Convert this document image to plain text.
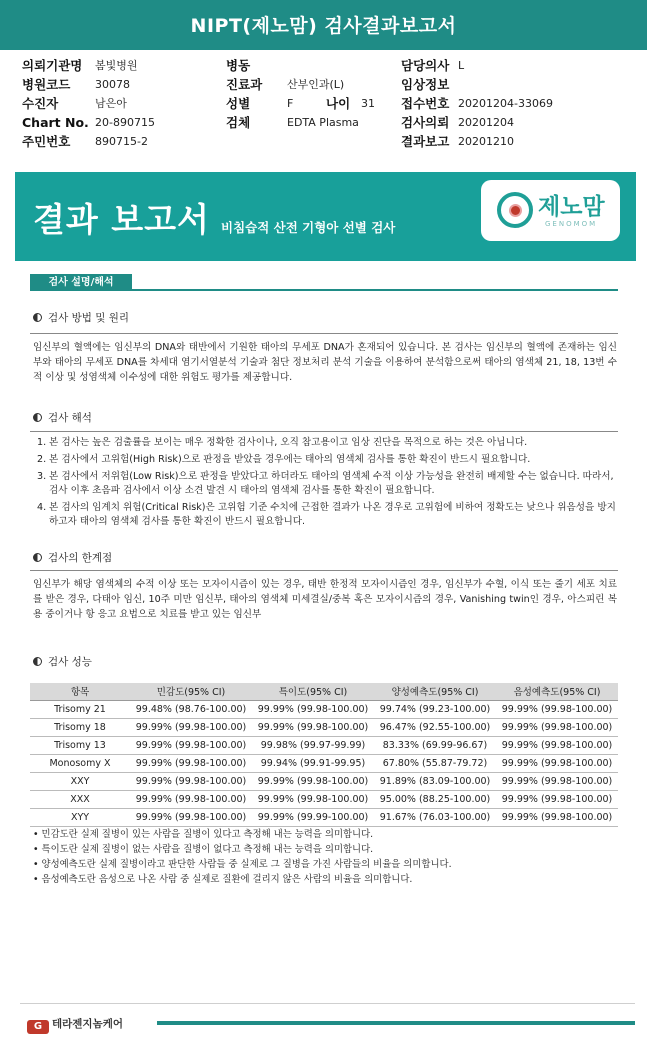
NIPT(제노맘) 검사결과보고서
의뢰기관명 봄빛병원	병동	담당의사 L
병원코드 30078	진료과 산부인과(L)	임상정보
수진자	남은아	성별	F	나이 31 접수번호 20201204-33069
Chart No. 20-890715	검체	EDTA Plasma	검사의뢰 20201204
주민번호 890715-2	결과보고 20201210
결과 보고서 비침습적 산전 기형아 선별 검사
제노맘
GENOMOM
검사 설명/해석
검사 방법 및 원리
임신부의 혈액에는 임신부의 DNA와 태반에서 기원한 태아의 무세포 DNA가 혼재되어 있습니다. 본 검사는 임신부의 혈액에 존재하는 임신부와 태아의 무세포 DNA를 차세대 염기서열분석 기술과 첨단 정보처리 분석 기술을 이용하여 분석함으로써 태아의 염색체 21, 18, 13번 수적 이상 및 성염색체 이수성에 대한 위험도 평가를 제공합니다.
검사 해석
1. 본 검사는 높은 검출률을 보이는 매우 정확한 검사이나, 오직 참고용이고 임상 진단을 목적으로 하는 것은 아닙니다.
2. 본 검사에서 고위험(High Risk)으로 판정을 받았을 경우에는 태아의 염색체 검사를 통한 확진이 반드시 필요합니다.
3. 본 검사에서 저위험(Low Risk)으로 판정을 받았다고 하더라도 태아의 염색체 수적 이상 가능성을 완전히 배제할 수는 없습니다. 따라서, 검사 이후 초음파 검사에서 이상 소견 발견 시 태아의 염색체 검사를 통한 확진이 필요합니다.
4. 본 검사의 임계치 위험(Critical Risk)은 고위험 기준 수치에 근접한 결과가 나온 경우로 고위험에 비하여 정확도는 낮으나 위음성을 방지하고자 태아의 염색체 검사를 통한 확진이 반드시 필요합니다.
검사의 한계점
임신부가 해당 염색체의 수적 이상 또는 모자이시즘이 있는 경우, 태반 한정적 모자이시즘인 경우, 임신부가 수혈, 이식 또는 줄기 세포 치료를 받은 경우, 다태아 임신, 10주 미만 임신부, 태아의 염색체 미세결실/중복 혹은 모자이시즘의 경우, Vanishing twin인 경우, 아스피린 복용 중이거나 항 응고 요법으로 치료를 받고 있는 임신부
검사 성능
항목	민감도(95% CI)	특이도(95% CI)	양성예측도(95% CI)	음성예측도(95% CI)
Trisomy 21	99.48% (98.76-100.00)	99.99% (99.98-100.00)	99.74% (99.23-100.00)	99.99% (99.98-100.00)
Trisomy 18	99.99% (99.98-100.00)	99.99% (99.98-100.00)	96.47% (92.55-100.00)	99.99% (99.98-100.00)
Trisomy 13	99.99% (99.98-100.00)	99.98% (99.97-99.99)	83.33% (69.99-96.67)	99.99% (99.98-100.00)
Monosomy X	99.99% (99.98-100.00)	99.94% (99.91-99.95)	67.80% (55.87-79.72)	99.99% (99.98-100.00)
XXY	99.99% (99.98-100.00)	99.99% (99.98-100.00)	91.89% (83.09-100.00)	99.99% (99.98-100.00)
XXX	99.99% (99.98-100.00)	99.99% (99.98-100.00)	95.00% (88.25-100.00)	99.99% (99.98-100.00)
XYY	99.99% (99.98-100.00)	99.99% (99.99-100.00)	91.67% (76.03-100.00)	99.99% (99.98-100.00)
• 민감도란 실제 질병이 있는 사람을 질병이 있다고 측정해 내는 능력을 의미합니다.
• 특이도란 실제 질병이 없는 사람을 질병이 없다고 측정해 내는 능력을 의미합니다.
• 양성예측도란 실제 질병이라고 판단한 사람들 중 실제로 그 질병을 가진 사람들의 비율을 의미합니다.
• 음성예측도란 음성으로 나온 사람 중 실제로 질환에 걸리지 않은 사람의 비율을 의미합니다.
G 테라젠지놈케어
